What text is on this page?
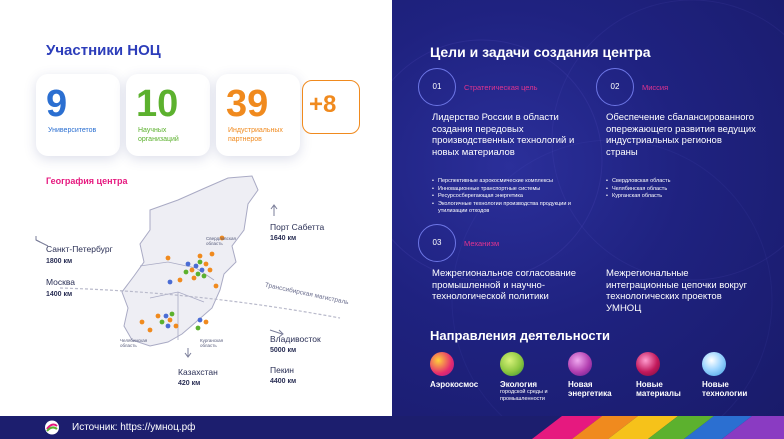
Участники НОЦ
9
Университетов
10
Научных организаций
39
Индустриальных партнеров
+8
География центра
Свердловская область
Челябинская область
Курганская область
Санкт-Петербург
1800 км
Москва
1400 км
Порт Сабетта
1640 км
Владивосток
5000 км
Пекин
4400 км
Казахстан
420 км
Транссибирская магистраль
Цели и задачи создания центра
01	Стратегическая цель
Лидерство России в области создания передовых производственных технологий и новых материалов
• Перспективные аэрокосмические комплексы
• Инновационные транспортные системы
• Ресурсосберегающая энергетика
• Экологичные технологии производства продукции и утилизации отходов
02	Миссия
Обеспечение сбалансированного опережающего развития ведущих индустриальных регионов страны
• Свердловская область
• Челябинская область
• Курганская область
03	Механизм
Межрегиональное согласование промышленной и научно-технологической политики
Межрегиональные интеграционные цепочки вокруг технологических проектов УМНОЦ
Направления деятельности
Аэрокосмос	Экология
городской среды и промышленности
Новая энергетика
Новые материалы
Новые технологии
Источник: https://умноц.рф
